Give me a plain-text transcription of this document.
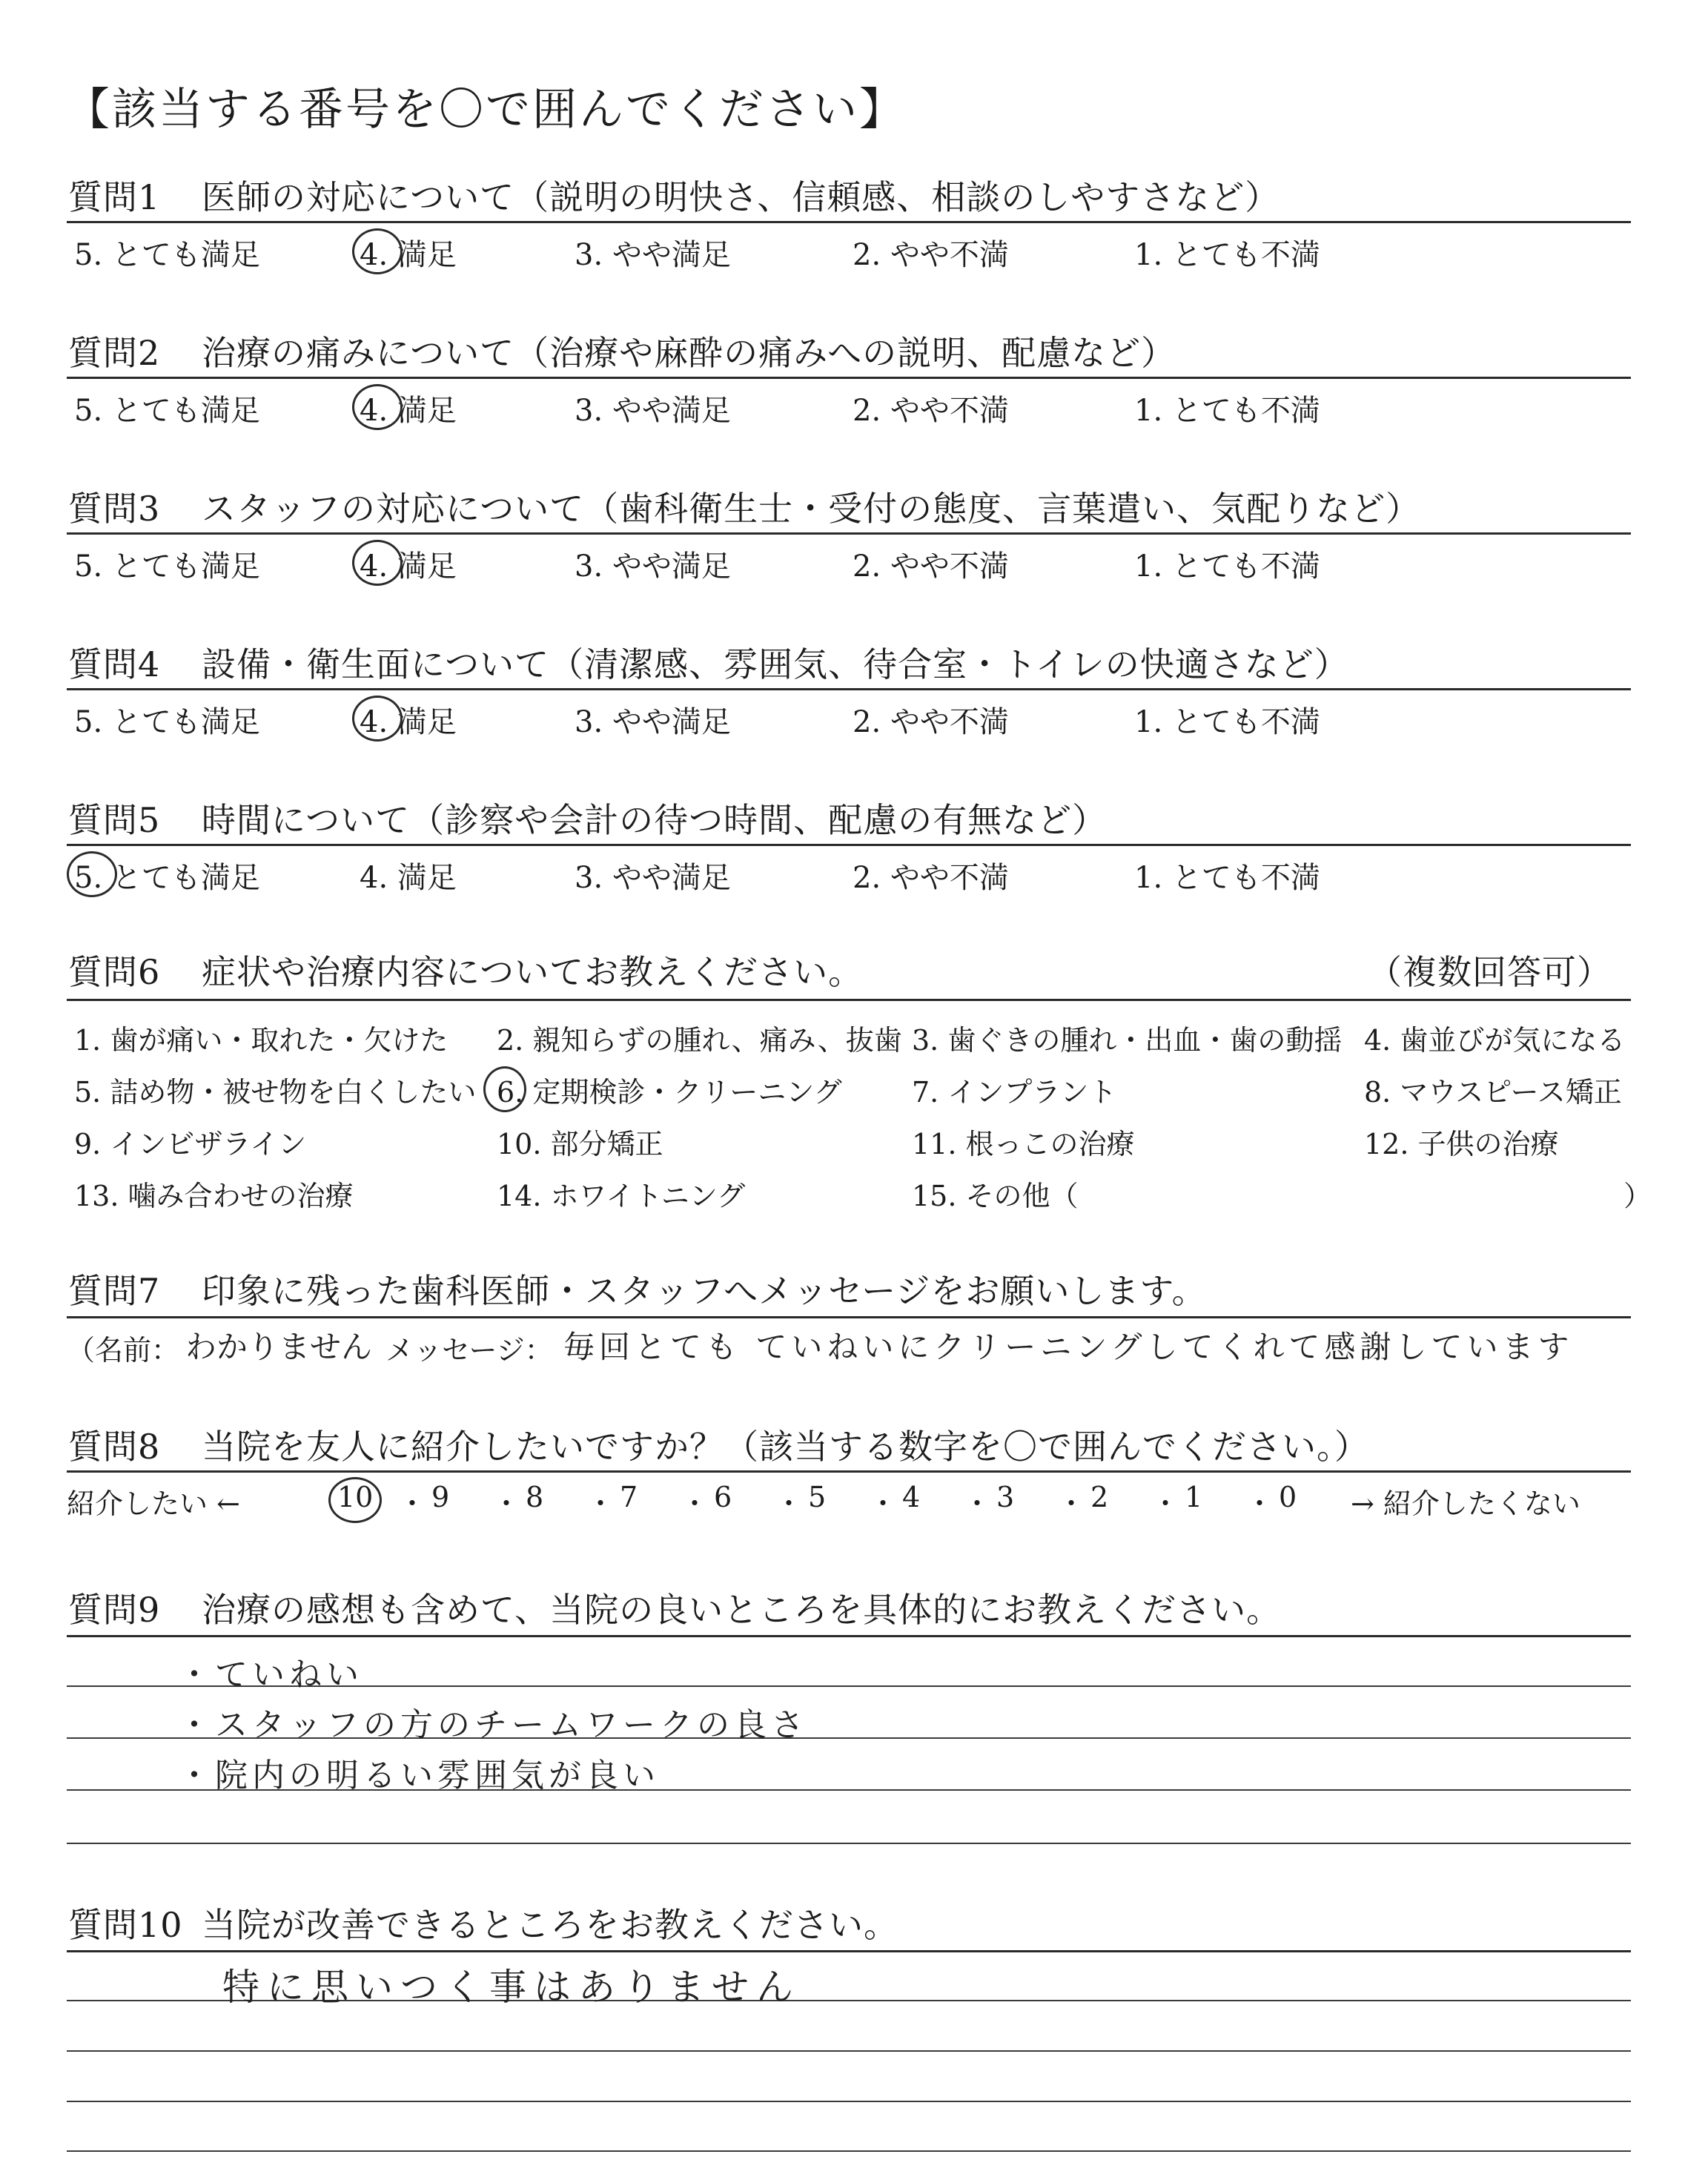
【該当する番号を〇で囲んでください】
質問1 医師の対応について（説明の明快さ、信頼感、相談のしやすさなど）
5. とても満足	4. 満足	3. やや満足	2. やや不満	1. とても不満
質問2 治療の痛みについて（治療や麻酔の痛みへの説明、配慮など）
5. とても満足	4. 満足	3. やや満足	2. やや不満	1. とても不満
質問3 スタッフの対応について（歯科衛生士・受付の態度、言葉遣い、気配りなど）
5. とても満足	4. 満足	3. やや満足	2. やや不満	1. とても不満
質問4 設備・衛生面について（清潔感、雰囲気、待合室・トイレの快適さなど）
5. とても満足	4. 満足	3. やや満足	2. やや不満	1. とても不満
質問5 時間について（診察や会計の待つ時間、配慮の有無など）
5. とても満足	4. 満足	3. やや満足	2. やや不満	1. とても不満
質問6 症状や治療内容についてお教えください。	（複数回答可）
1. 歯が痛い・取れた・欠けた 2. 親知らずの腫れ、痛み、抜歯 3. 歯ぐきの腫れ・出血・歯の動揺 4. 歯並びが気になる
5. 詰め物・被せ物を白くしたい 6. 定期検診・クリーニング 7. インプラント	8. マウスピース矯正
9. インビザライン	10. 部分矯正	11. 根っこの治療	12. 子供の治療
13. 噛み合わせの治療	14. ホワイトニング	15. その他（	）
質問7 印象に残った歯科医師・スタッフへメッセージをお願いします。
（名前： わかりません メッセージ： 毎回とても ていねいにクリーニングしてくれて感謝しています
質問8 当院を友人に紹介したいですか？（該当する数字を〇で囲んでください。）
紹介したい ←	→ 紹介したくない
10 ・ 9 ・ 8 ・ 7 ・ 6 ・ 5 ・ 4 ・ 3 ・ 2 ・ 1 ・ 0
質問9 治療の感想も含めて、当院の良いところを具体的にお教えください。
・ていねい
・スタッフの方のチームワークの良さ
・院内の明るい雰囲気が良い
質問10 当院が改善できるところをお教えください。
特に思いつく事はありません
